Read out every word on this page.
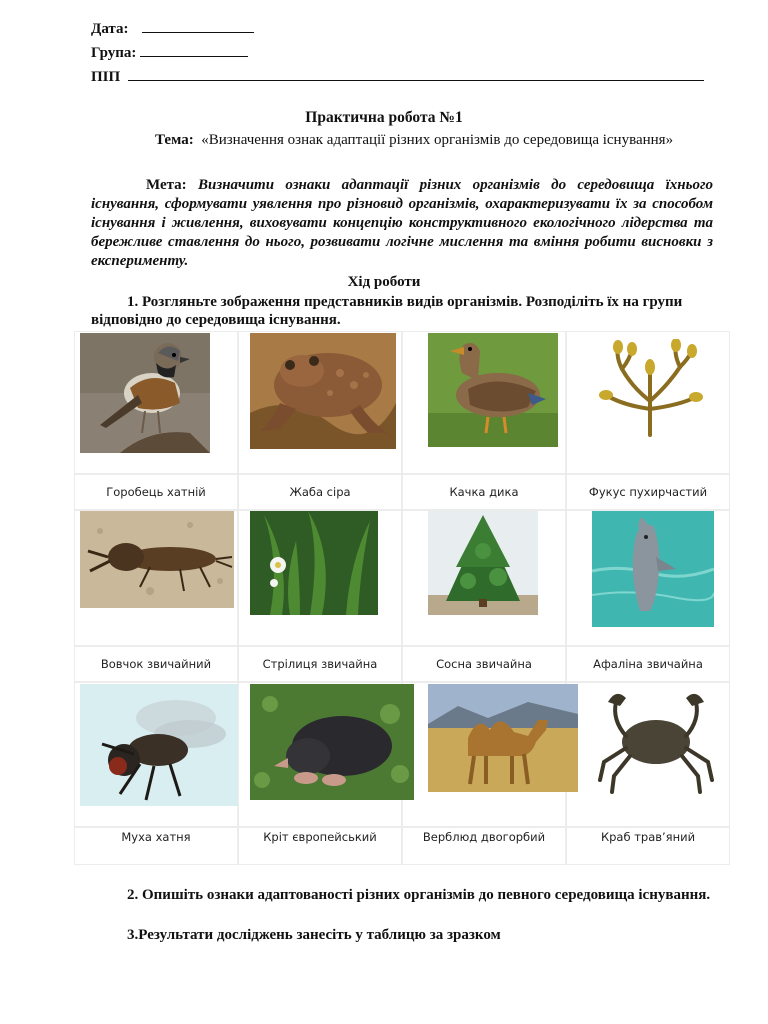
Дата:
Група:
ПІП
Практична робота №1
Тема: «Визначення ознак адаптації різних організмів до середовища існування»
Мета: Визначити ознаки адаптації різних організмів до середовища їхнього існування, сформувати уявлення про різновид організмів, охарактеризувати їх за способом існування і живлення, виховувати концепцію конструктивного екологічного лідерства та бережливе ставлення до нього, розвивати логічне мислення та вміння робити висновки з експерименту.
Хід роботи
1. Розгляньте зображення представників видів організмів. Розподіліть їх на групи відповідно до середовища існування.
Горобець хатній	Жаба сіра	Качка дика	Фукус пухирчастий
Вовчок звичайний	Стрілиця звичайна	Сосна звичайна	Афаліна звичайна
Муха хатня	Кріт європейський	Верблюд двогорбий	Краб трав’яний
2. Опишіть ознаки адаптованості різних організмів до певного середовища існування.
3.Результати досліджень занесіть у таблицю за зразком
